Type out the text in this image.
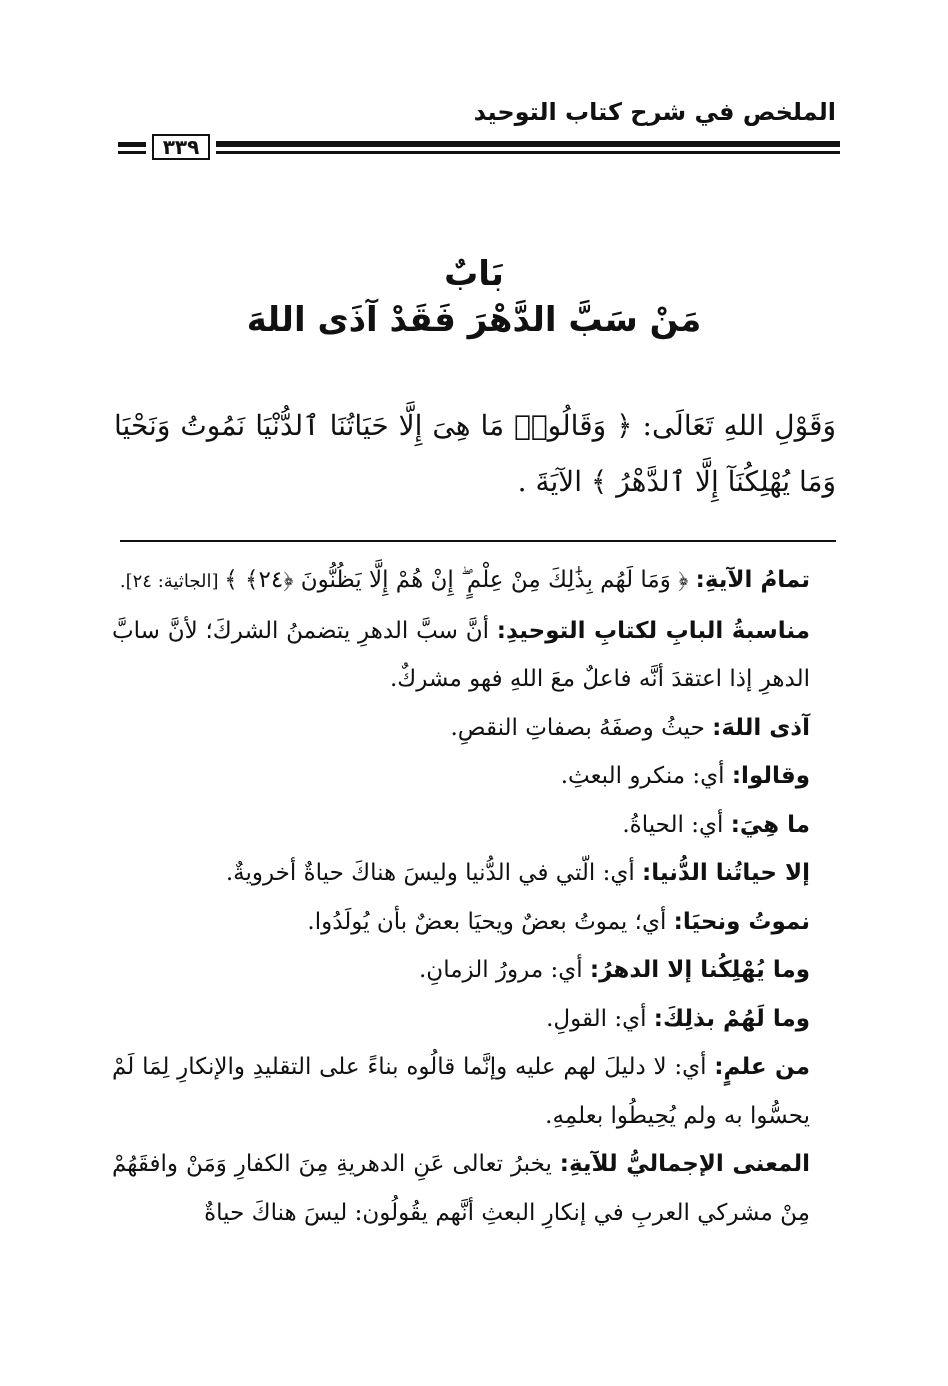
الملخص في شرح كتاب التوحيد
٣٣٩
بَابٌ
مَنْ سَبَّ الدَّهْرَ فَقَدْ آذَى اللهَ
وَقَوْلِ اللهِ تَعَالَى: ﴿ وَقَالُوا۟ مَا هِىَ إِلَّا حَيَاتُنَا ٱلدُّنْيَا نَمُوتُ وَنَحْيَا وَمَا يُهْلِكُنَآ إِلَّا ٱلدَّهْرُ ﴾ الآيَةَ .

تمامُ الآيةِ: ﴿ وَمَا لَهُم بِذَٰلِكَ مِنْ عِلْمٍ ۖ إِنْ هُمْ إِلَّا يَظُنُّونَ ﴿٢٤﴾ ﴾ [الجاثية: ٢٤].

مناسبةُ البابِ لكتابِ التوحيدِ: أنَّ سبَّ الدهرِ يتضمنُ الشركَ؛ لأنَّ سابَّ الدهرِ إذا اعتقدَ أنَّه فاعلٌ معَ اللهِ فهو مشركٌ.

آذى اللهَ: حيثُ وصفَهُ بصفاتِ النقصِ.

وقالوا: أي: منكرو البعثِ.

ما هِيَ: أي: الحياةُ.

إلا حياتُنا الدُّنيا: أي: الّتي في الدُّنيا وليسَ هناكَ حياةٌ أخرويةٌ.

نموتُ ونحيَا: أي؛ يموتُ بعضٌ ويحيَا بعضٌ بأن يُولَدُوا.

وما يُهْلِكُنا إلا الدهرُ: أي: مرورُ الزمانِ.

وما لَهُمْ بذلِكَ: أي: القولِ.

من علمٍ: أي: لا دليلَ لهم عليه وإنَّما قالُوه بناءً على التقليدِ والإنكارِ لِمَا لَمْ يحسُّوا به ولم يُحِيطُوا بعلمِهِ.

المعنى الإجماليُّ للآيةِ: يخبرُ تعالى عَنِ الدهريةِ مِنَ الكفارِ وَمَنْ وافقَهُمْ مِنْ مشركي العربِ في إنكارِ البعثِ أنَّهم يقُولُون: ليسَ هناكَ حياةٌ
